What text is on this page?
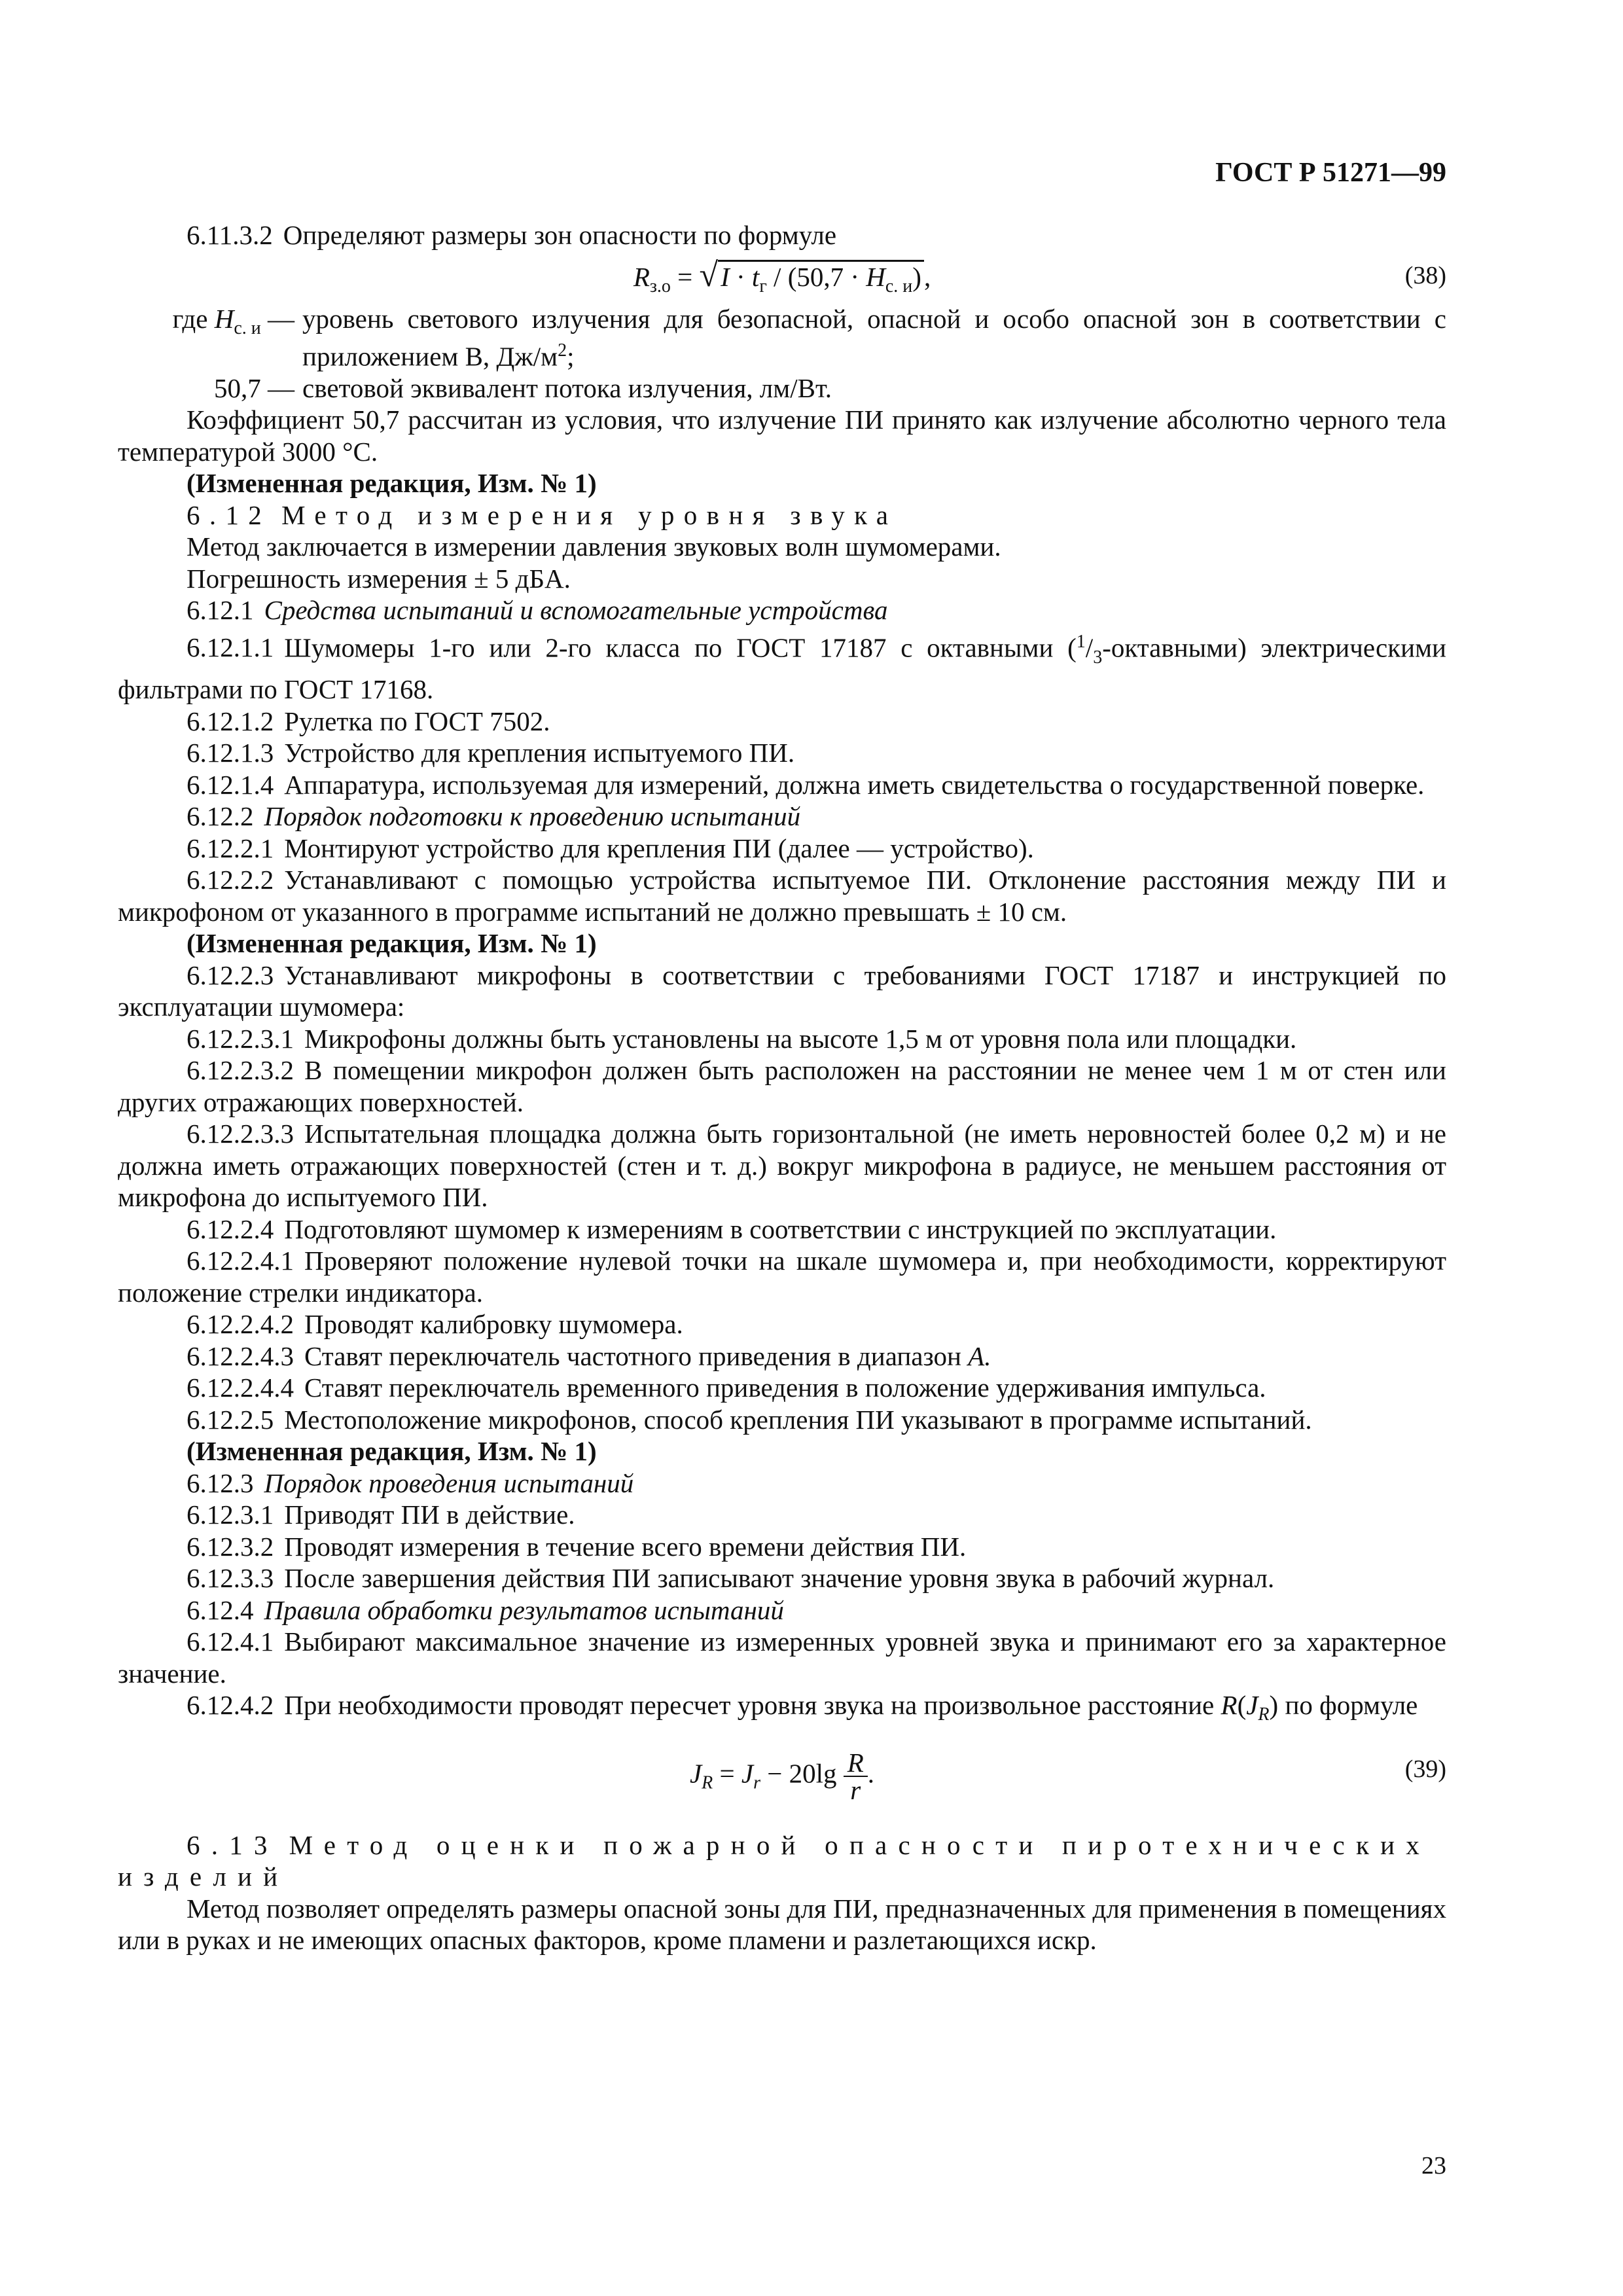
ГОСТ Р 51271—99

6.11.3.2 Определяют размеры зон опасности по формуле

$R_{з.о} = √I \cdot t_г / (50,7 \cdot H_{с. и})$,	(38)
где $H_{с. и}$ — уровень светового излучения для безопасной, опасной и особо опасной зон в соответствии с приложением В, $Дж/м^2$;
50,7 — световой эквивалент потока излучения, лм/Вт.

Коэффициент 50,7 рассчитан из условия, что излучение ПИ принято как излучение абсолютно черного тела температурой 3000 °С.

(Измененная редакция, Изм. № 1)

6.12 Метод измерения уровня звука

Метод заключается в измерении давления звуковых волн шумомерами.

Погрешность измерения ± 5 дБA.

6.12.1 Средства испытаний и вспомогательные устройства

6.12.1.1 Шумомеры 1-го или 2-го класса по ГОСТ 17187 с октавными $(^1/_3-октавными)$ электрическими фильтрами по ГОСТ 17168.

6.12.1.2 Рулетка по ГОСТ 7502.

6.12.1.3 Устройство для крепления испытуемого ПИ.

6.12.1.4 Аппаратура, используемая для измерений, должна иметь свидетельства о государственной поверке.

6.12.2 Порядок подготовки к проведению испытаний

6.12.2.1 Монтируют устройство для крепления ПИ (далее — устройство).

6.12.2.2 Устанавливают с помощью устройства испытуемое ПИ. Отклонение расстояния между ПИ и микрофоном от указанного в программе испытаний не должно превышать ± 10 см.

(Измененная редакция, Изм. № 1)

6.12.2.3 Устанавливают микрофоны в соответствии с требованиями ГОСТ 17187 и инструкцией по эксплуатации шумомера:

6.12.2.3.1 Микрофоны должны быть установлены на высоте 1,5 м от уровня пола или площадки.

6.12.2.3.2 В помещении микрофон должен быть расположен на расстоянии не менее чем 1 м от стен или других отражающих поверхностей.

6.12.2.3.3 Испытательная площадка должна быть горизонтальной (не иметь неровностей более 0,2 м) и не должна иметь отражающих поверхностей (стен и т. д.) вокруг микрофона в радиусе, не меньшем расстояния от микрофона до испытуемого ПИ.

6.12.2.4 Подготовляют шумомер к измерениям в соответствии с инструкцией по эксплуатации.

6.12.2.4.1 Проверяют положение нулевой точки на шкале шумомера и, при необходимости, корректируют положение стрелки индикатора.

6.12.2.4.2 Проводят калибровку шумомера.

6.12.2.4.3 Ставят переключатель частотного приведения в диапазон А.

6.12.2.4.4 Ставят переключатель временного приведения в положение удерживания импульса.

6.12.2.5 Местоположение микрофонов, способ крепления ПИ указывают в программе испытаний.

(Измененная редакция, Изм. № 1)

6.12.3 Порядок проведения испытаний

6.12.3.1 Приводят ПИ в действие.

6.12.3.2 Проводят измерения в течение всего времени действия ПИ.

6.12.3.3 После завершения действия ПИ записывают значение уровня звука в рабочий журнал.

6.12.4 Правила обработки результатов испытаний

6.12.4.1 Выбирают максимальное значение из измеренных уровней звука и принимают его за характерное значение.

6.12.4.2 При необходимости проводят пересчет уровня звука на произвольное расстояние $R(J_R)$ по формуле

$J_R = J_r - 20\lg \frac{R}{r}$ .	(39)

6.13 Метод оценки пожарной опасности пиротехнических изделий

Метод позволяет определять размеры опасной зоны для ПИ, предназначенных для применения в помещениях или в руках и не имеющих опасных факторов, кроме пламени и разлетающихся искр.

23
